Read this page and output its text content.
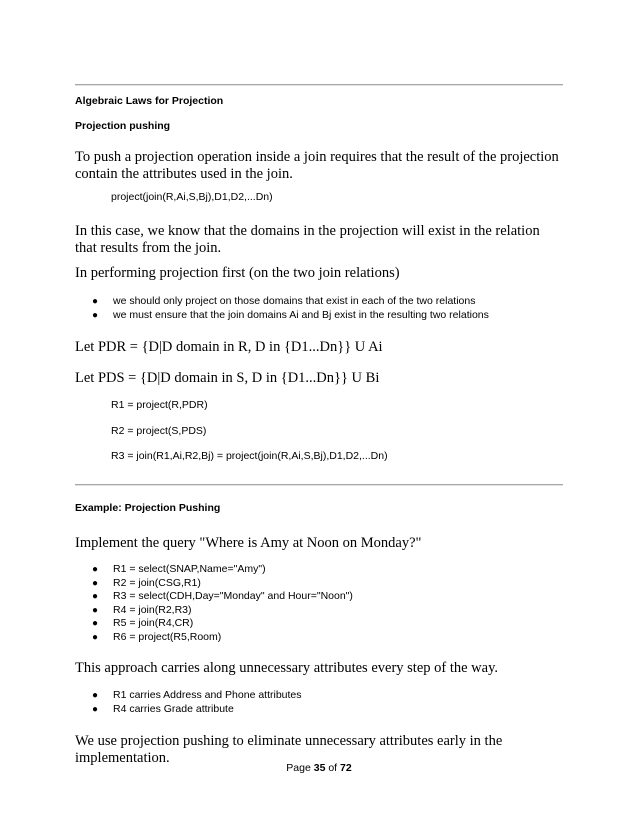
Algebraic Laws for Projection
Projection pushing
To push a projection operation inside a join requires that the result of the projection contain the attributes used in the join.
project(join(R,Ai,S,Bj),D1,D2,...Dn)
In this case, we know that the domains in the projection will exist in the relation that results from the join.
In performing projection first (on the two join relations)
● we should only project on those domains that exist in each of the two relations
● we must ensure that the join domains Ai and Bj exist in the resulting two relations
Let PDR = {D|D domain in R, D in {D1...Dn}} U Ai
Let PDS = {D|D domain in S, D in {D1...Dn}} U Bi
R1 = project(R,PDR)
R2 = project(S,PDS)
R3 = join(R1,Ai,R2,Bj) = project(join(R,Ai,S,Bj),D1,D2,...Dn)
Example: Projection Pushing
Implement the query "Where is Amy at Noon on Monday?"
● R1 = select(SNAP,Name="Amy")
● R2 = join(CSG,R1)
● R3 = select(CDH,Day="Monday" and Hour="Noon")
● R4 = join(R2,R3)
● R5 = join(R4,CR)
● R6 = project(R5,Room)
This approach carries along unnecessary attributes every step of the way.
● R1 carries Address and Phone attributes
● R4 carries Grade attribute
We use projection pushing to eliminate unnecessary attributes early in the implementation.
Page 35 of 72
